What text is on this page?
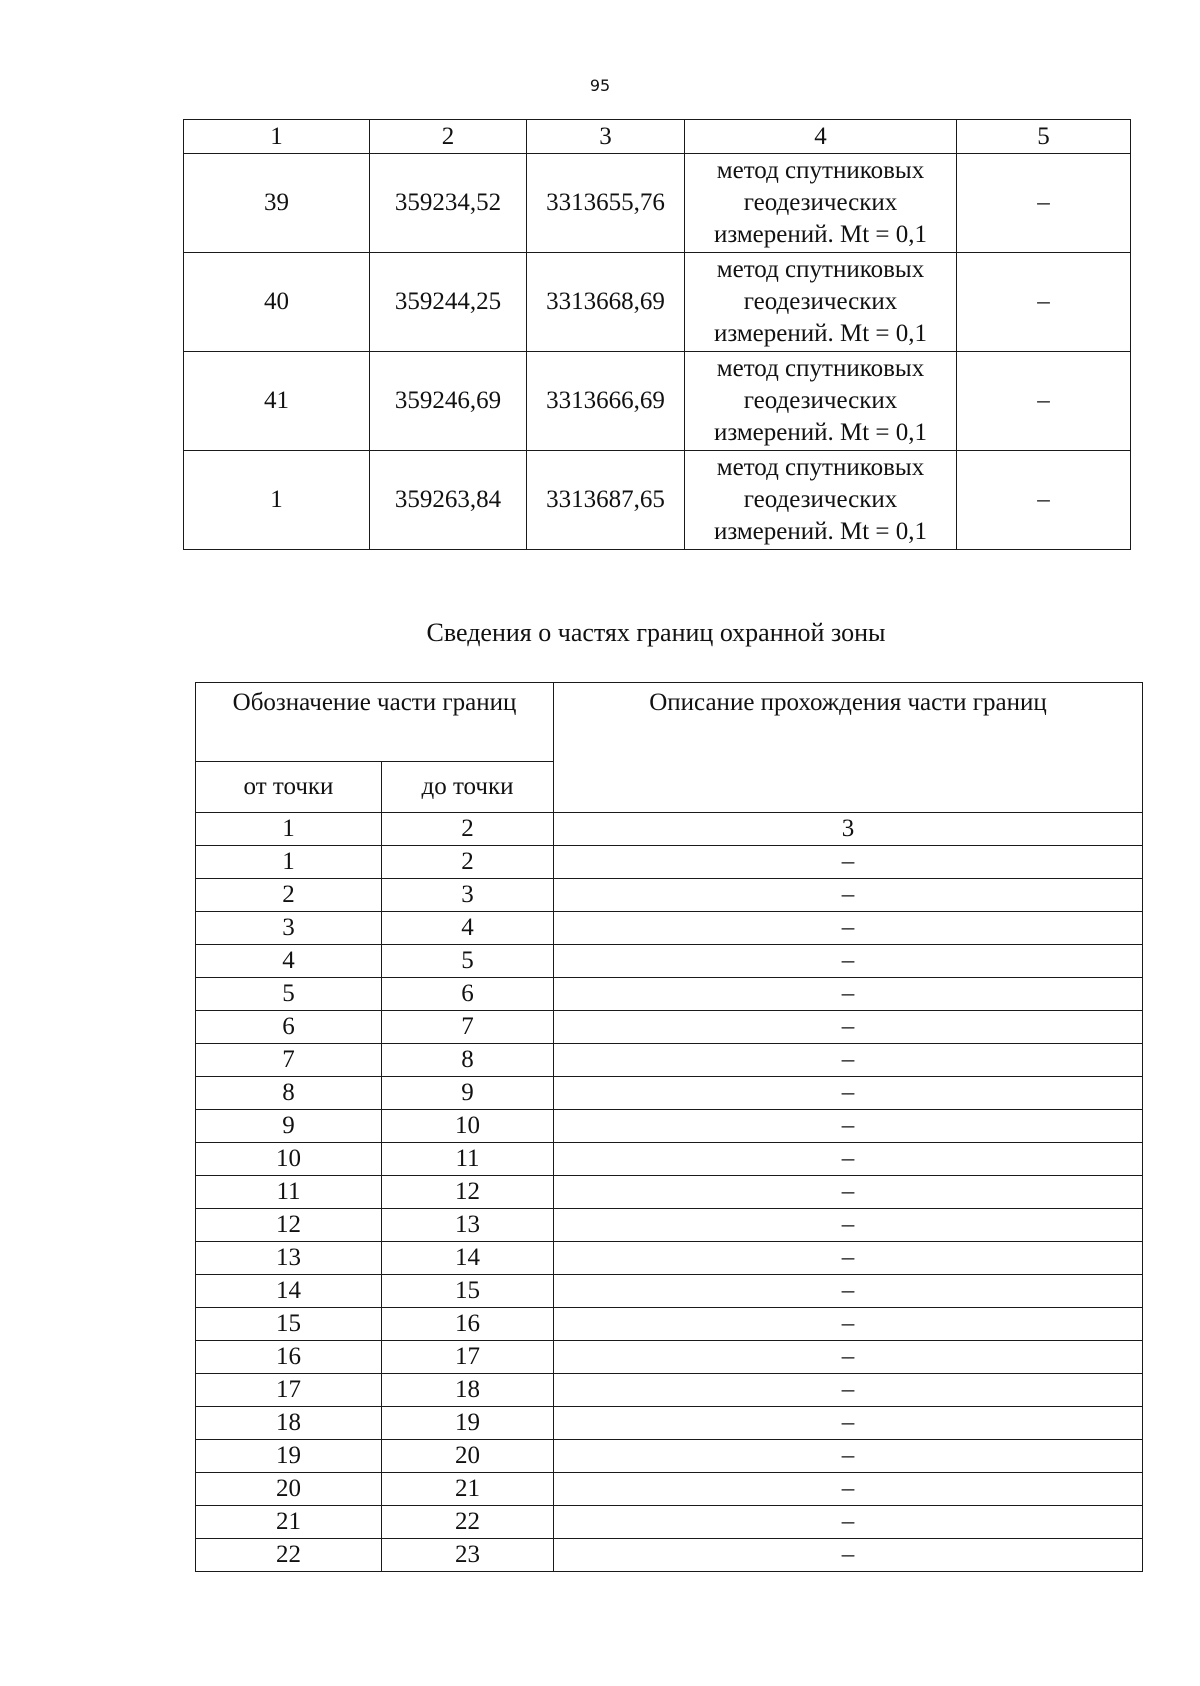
95
1	2	3	4	5
39	359234,52	3313655,76	метод спутниковых
геодезических
измерений. Mt = 0,1	–
40	359244,25	3313668,69	метод спутниковых
геодезических
измерений. Mt = 0,1	–
41	359246,69	3313666,69	метод спутниковых
геодезических
измерений. Mt = 0,1	–
1	359263,84	3313687,65	метод спутниковых
геодезических
измерений. Mt = 0,1	–
Сведения о частях границ охранной зоны
Обозначение части границ		Описание прохождения части границ
от точки	до точки	
1	2	3
1	2	–
2	3	–
3	4	–
4	5	–
5	6	–
6	7	–
7	8	–
8	9	–
9	10	–
10	11	–
11	12	–
12	13	–
13	14	–
14	15	–
15	16	–
16	17	–
17	18	–
18	19	–
19	20	–
20	21	–
21	22	–
22	23	–
